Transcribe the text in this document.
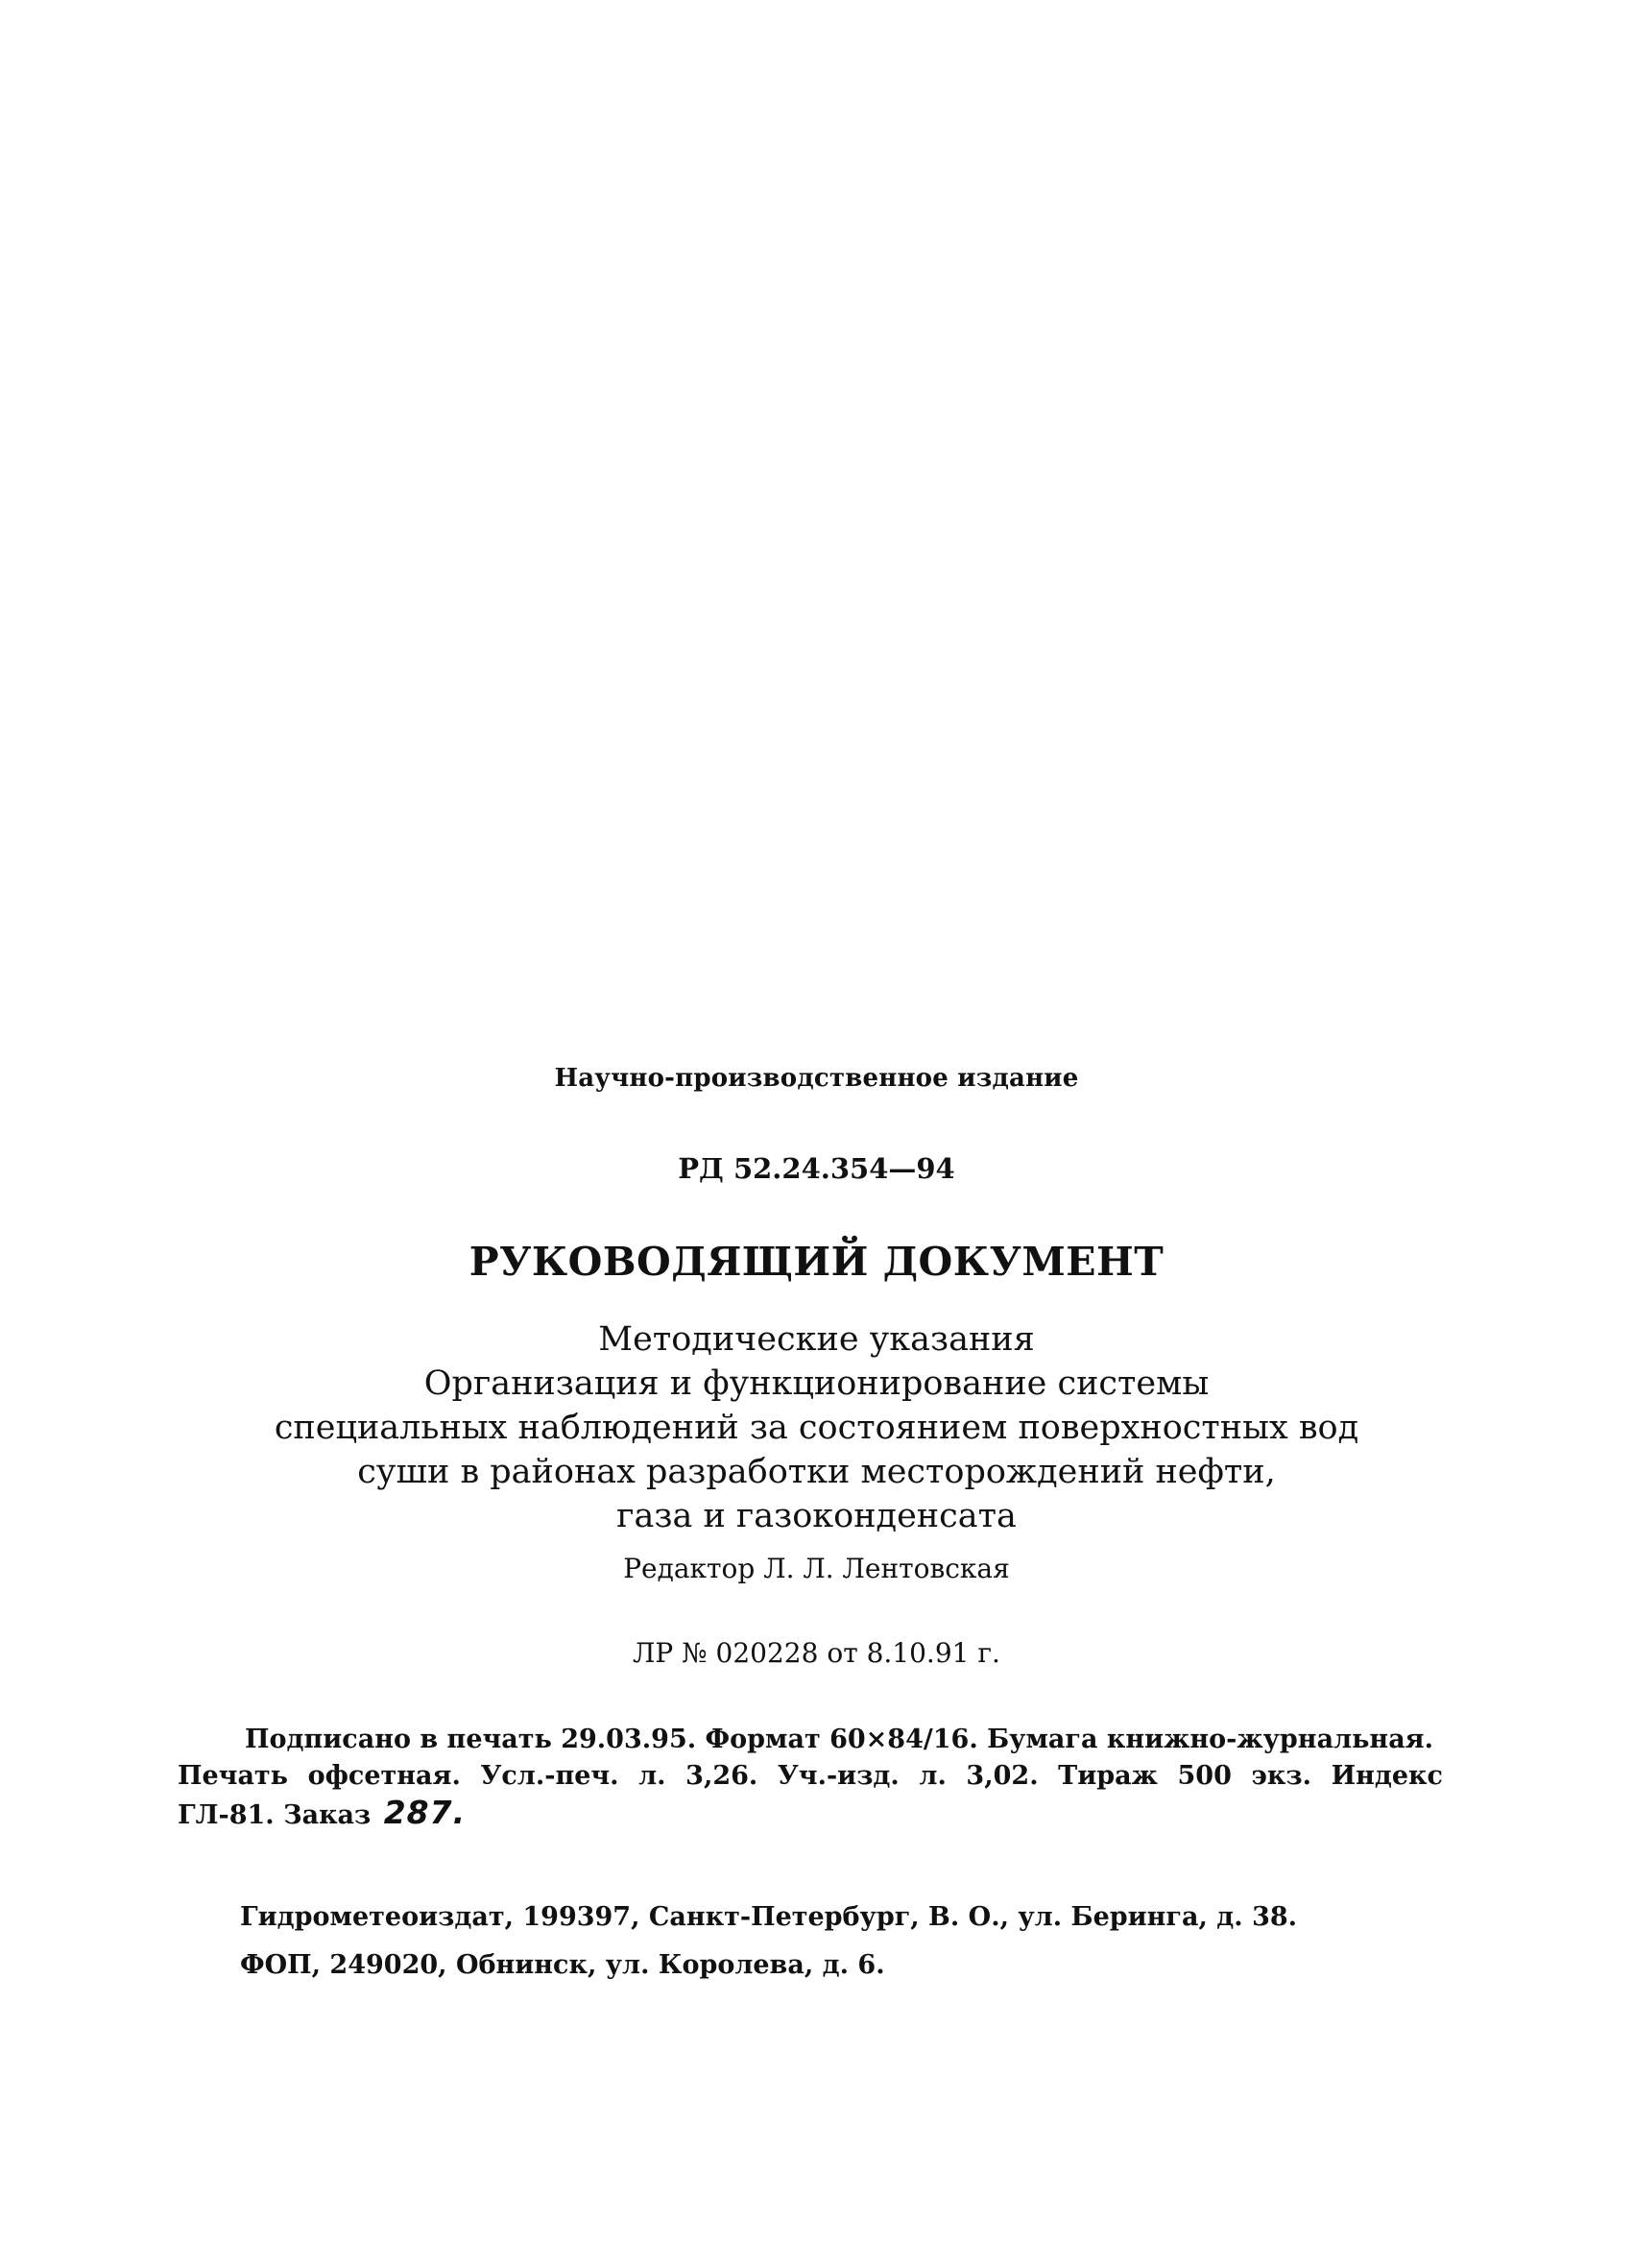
Научно-производственное издание
РД 52.24.354—94
РУКОВОДЯЩИЙ ДОКУМЕНТ
Методические указания
Организация и функционирование системы
специальных наблюдений за состоянием поверхностных вод
суши в районах разработки месторождений нефти,
газа и газоконденсата
Редактор Л. Л. Лентовская
ЛР № 020228 от 8.10.91 г.
Подписано в печать 29.03.95. Формат 60×84/16. Бумага книжно-журнальная.
Печать офсетная. Усл.-печ. л. 3,26. Уч.-изд. л. 3,02. Тираж 500 экз. Индекс
ГЛ-81. Заказ 287.
Гидрометеоиздат, 199397, Санкт-Петербург, В. О., ул. Беринга, д. 38.
ФОП, 249020, Обнинск, ул. Королева, д. 6.
